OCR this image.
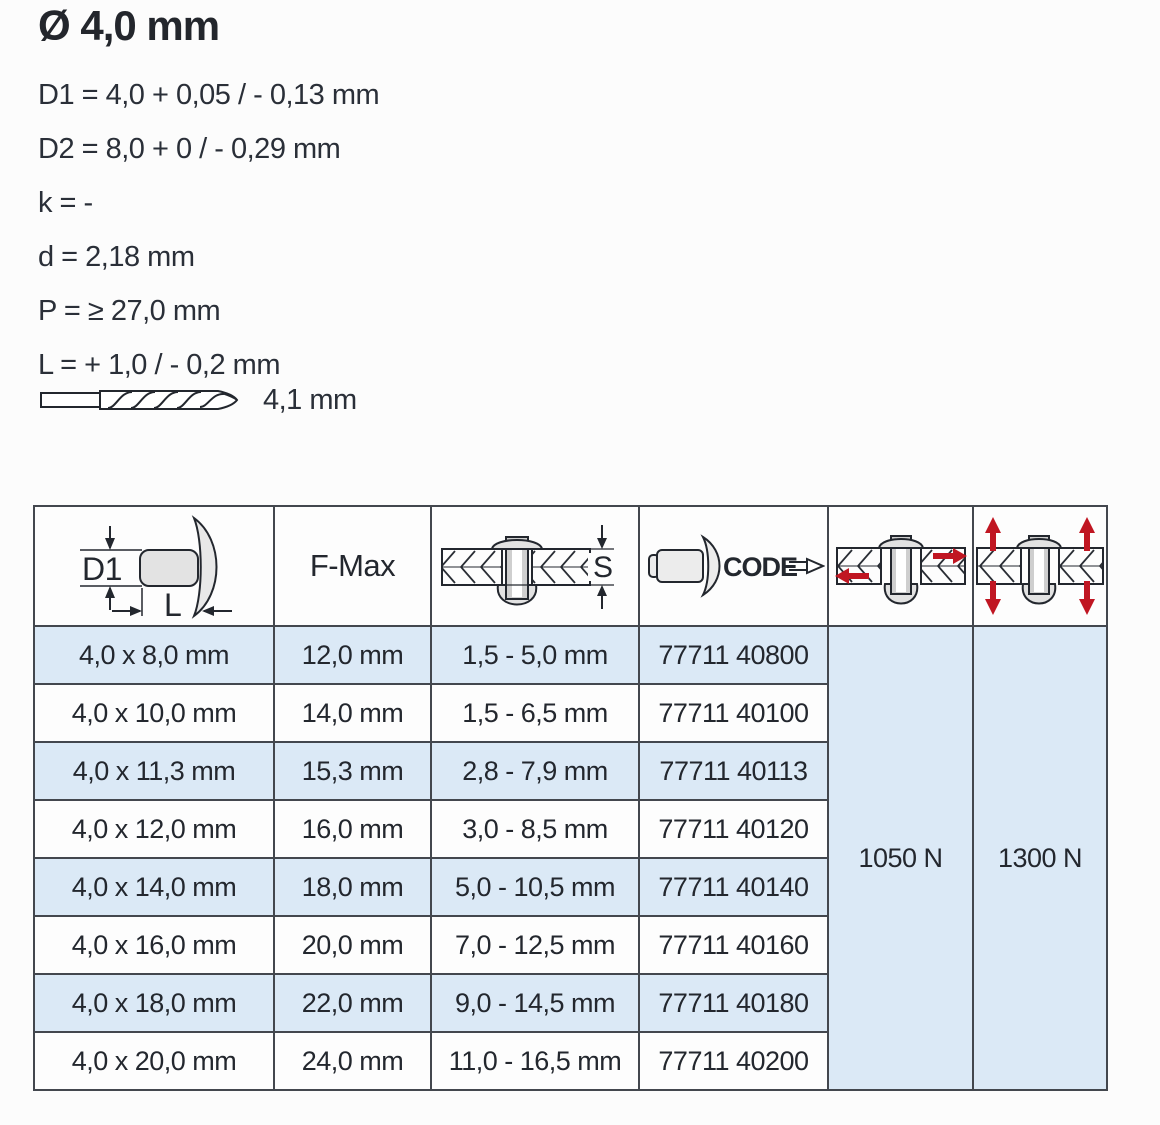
Ø 4,0 mm
D1 = 4,0 + 0,05 / - 0,13 mm
D2 = 8,0 + 0 / - 0,29 mm
k = -
d = 2,18 mm
P = ≥ 27,0 mm
L = + 1,0 / - 0,2 mm
4,1 mm
D1
L	F-Max	S	CODE

4,0 x 8,0 mm	12,0 mm	1,5 - 5,0 mm	77711 40800	1050 N	1300 N
4,0 x 10,0 mm	14,0 mm	1,5 - 6,5 mm	77711 40100		
4,0 x 11,3 mm	15,3 mm	2,8 - 7,9 mm	77711 40113		
4,0 x 12,0 mm	16,0 mm	3,0 - 8,5 mm	77711 40120		
4,0 x 14,0 mm	18,0 mm	5,0 - 10,5 mm	77711 40140		
4,0 x 16,0 mm	20,0 mm	7,0 - 12,5 mm	77711 40160		
4,0 x 18,0 mm	22,0 mm	9,0 - 14,5 mm	77711 40180		
4,0 x 20,0 mm	24,0 mm	11,0 - 16,5 mm	77711 40200		
